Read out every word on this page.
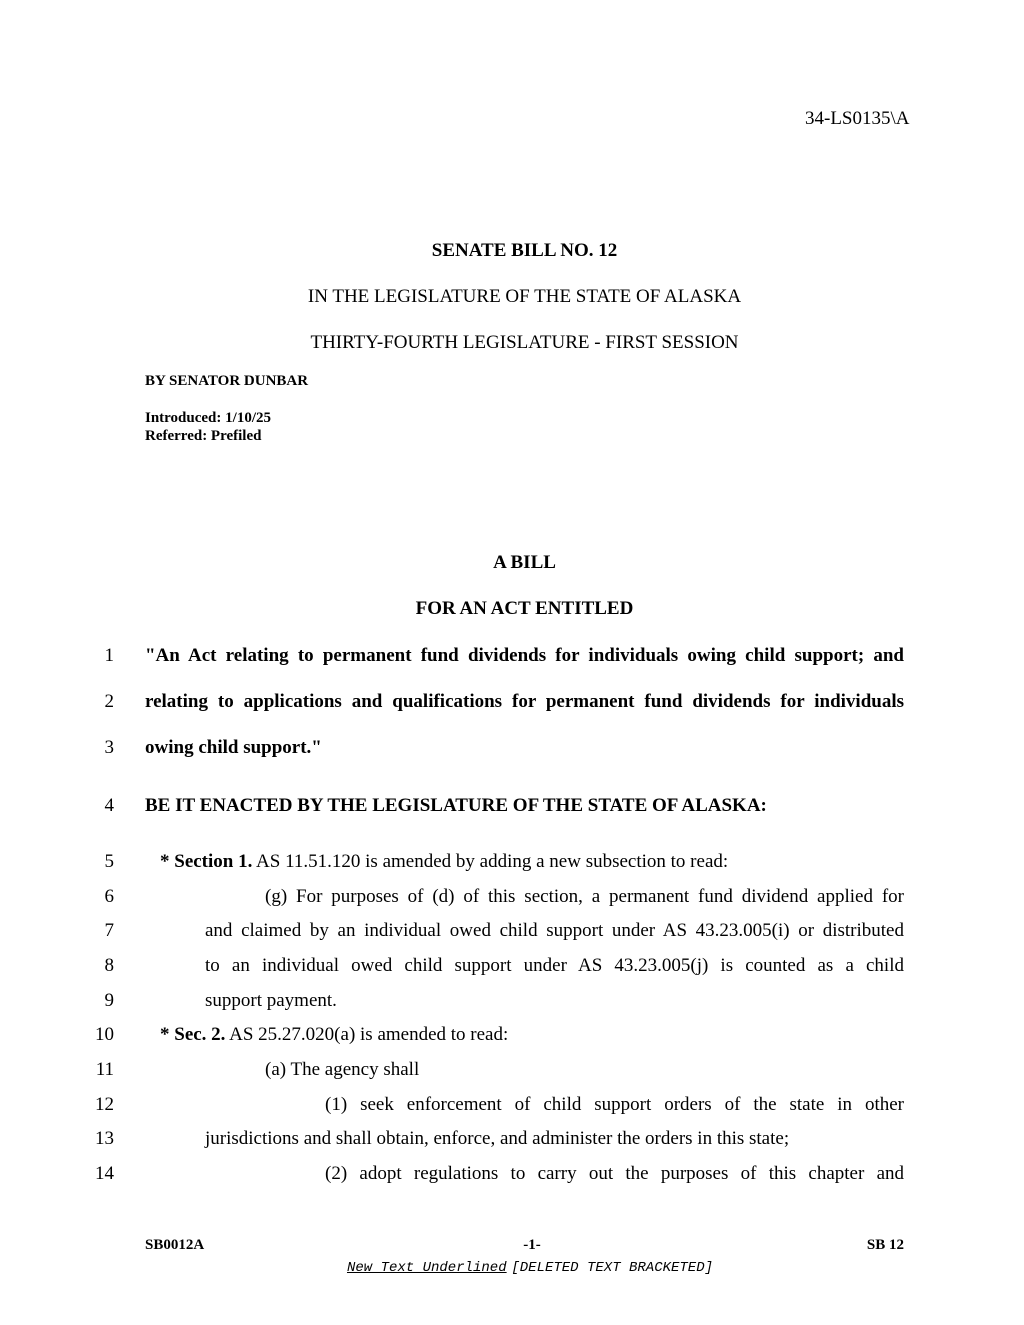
34-LS0135\A
SENATE BILL NO. 12
IN THE LEGISLATURE OF THE STATE OF ALASKA
THIRTY-FOURTH LEGISLATURE - FIRST SESSION
BY SENATOR DUNBAR
Introduced: 1/10/25
Referred: Prefiled
A BILL
FOR AN ACT ENTITLED
1
2
3
4
5
6
7
8
9
10
11
12
13
14
"An Act relating to permanent fund dividends for individuals owing child support; and
relating to applications and qualifications for permanent fund dividends for individuals
owing child support."
BE IT ENACTED BY THE LEGISLATURE OF THE STATE OF ALASKA:
* Section 1. AS 11.51.120 is amended by adding a new subsection to read:
(g) For purposes of (d) of this section, a permanent fund dividend applied for
and claimed by an individual owed child support under AS 43.23.005(i) or distributed
to an individual owed child support under AS 43.23.005(j) is counted as a child
support payment.
* Sec. 2. AS 25.27.020(a) is amended to read:
(a) The agency shall
(1) seek enforcement of child support orders of the state in other
jurisdictions and shall obtain, enforce, and administer the orders in this state;
(2) adopt regulations to carry out the purposes of this chapter and
SB0012A	-1-	SB 12
New Text Underlined [DELETED TEXT BRACKETED]
